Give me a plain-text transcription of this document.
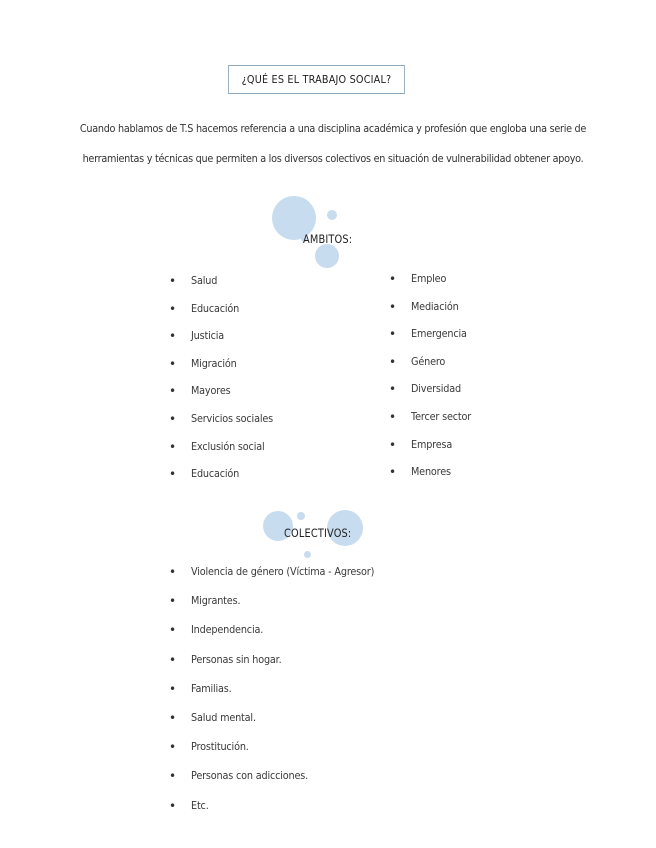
¿QUÉ ES EL TRABAJO SOCIAL?
Cuando hablamos de T.S hacemos referencia a una disciplina académica y profesión que engloba una serie de
herramientas y técnicas que permiten a los diversos colectivos en situación de vulnerabilidad obtener apoyo.
AMBITOS:
• Salud
• Educación
• Justicia
• Migración
• Mayores
• Servicios sociales
• Exclusión social
• Educación
• Empleo
• Mediación
• Emergencia
• Género
• Diversidad
• Tercer sector
• Empresa
• Menores
COLECTIVOS:
• Violencia de género (Víctima - Agresor)
• Migrantes.
• Independencia.
• Personas sin hogar.
• Familias.
• Salud mental.
• Prostitución.
• Personas con adicciones.
• Etc.
